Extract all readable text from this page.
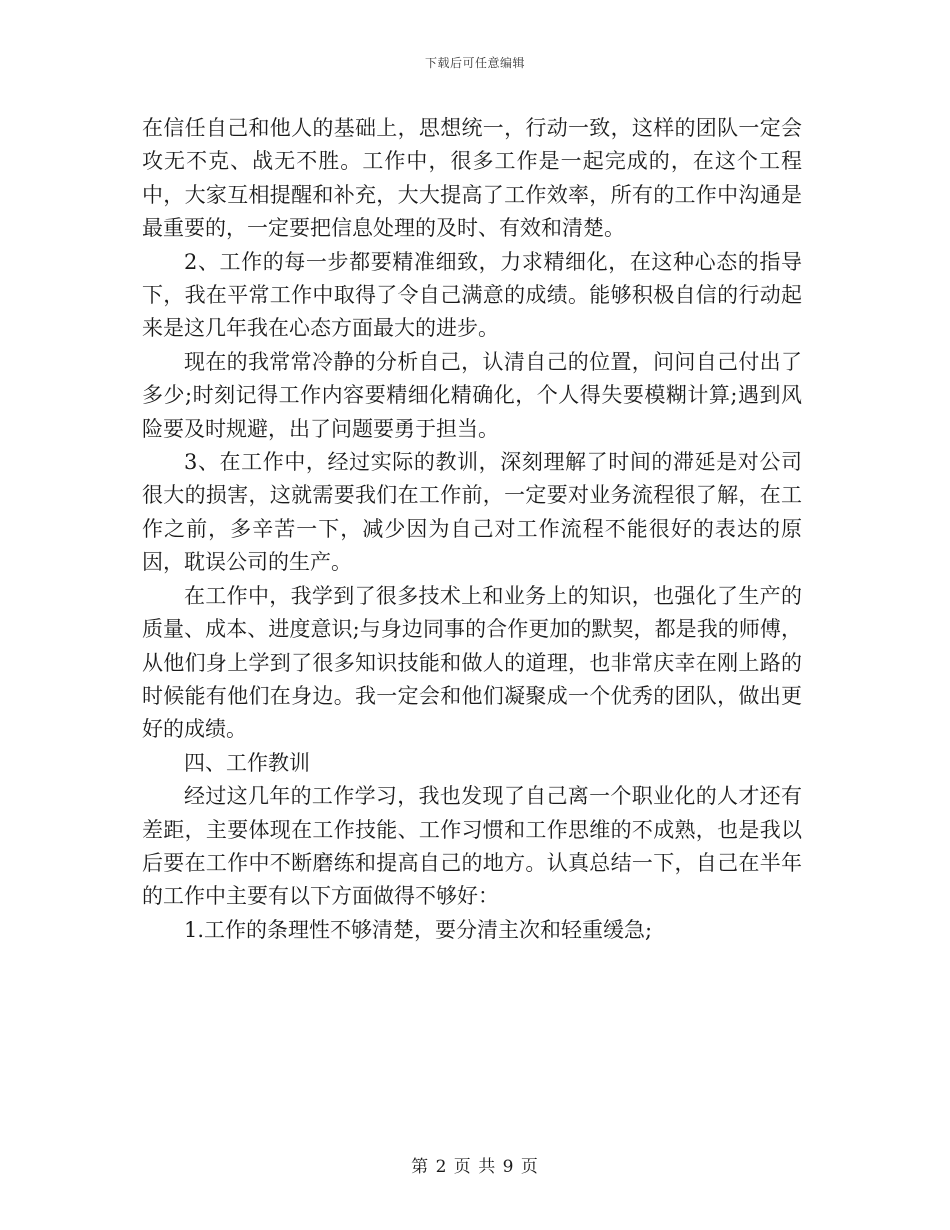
下载后可任意编辑

在信任自己和他人的基础上，思想统一，行动一致，这样的团队一定会攻无不克、战无不胜。工作中，很多工作是一起完成的，在这个工程中，大家互相提醒和补充，大大提高了工作效率，所有的工作中沟通是最重要的，一定要把信息处理的及时、有效和清楚。

2、工作的每一步都要精准细致，力求精细化，在这种心态的指导下，我在平常工作中取得了令自己满意的成绩。能够积极自信的行动起来是这几年我在心态方面最大的进步。

现在的我常常冷静的分析自己，认清自己的位置，问问自己付出了多少;时刻记得工作内容要精细化精确化，个人得失要模糊计算;遇到风险要及时规避，出了问题要勇于担当。

3、在工作中，经过实际的教训，深刻理解了时间的滞延是对公司很大的损害，这就需要我们在工作前，一定要对业务流程很了解，在工作之前，多辛苦一下，减少因为自己对工作流程不能很好的表达的原因，耽误公司的生产。

在工作中，我学到了很多技术上和业务上的知识，也强化了生产的质量、成本、进度意识;与身边同事的合作更加的默契，都是我的师傅，从他们身上学到了很多知识技能和做人的道理，也非常庆幸在刚上路的时候能有他们在身边。我一定会和他们凝聚成一个优秀的团队，做出更好的成绩。

四、工作教训

经过这几年的工作学习，我也发现了自己离一个职业化的人才还有差距，主要体现在工作技能、工作习惯和工作思维的不成熟，也是我以后要在工作中不断磨练和提高自己的地方。认真总结一下，自己在半年的工作中主要有以下方面做得不够好：

1.工作的条理性不够清楚，要分清主次和轻重缓急;

第 2 页 共 9 页
